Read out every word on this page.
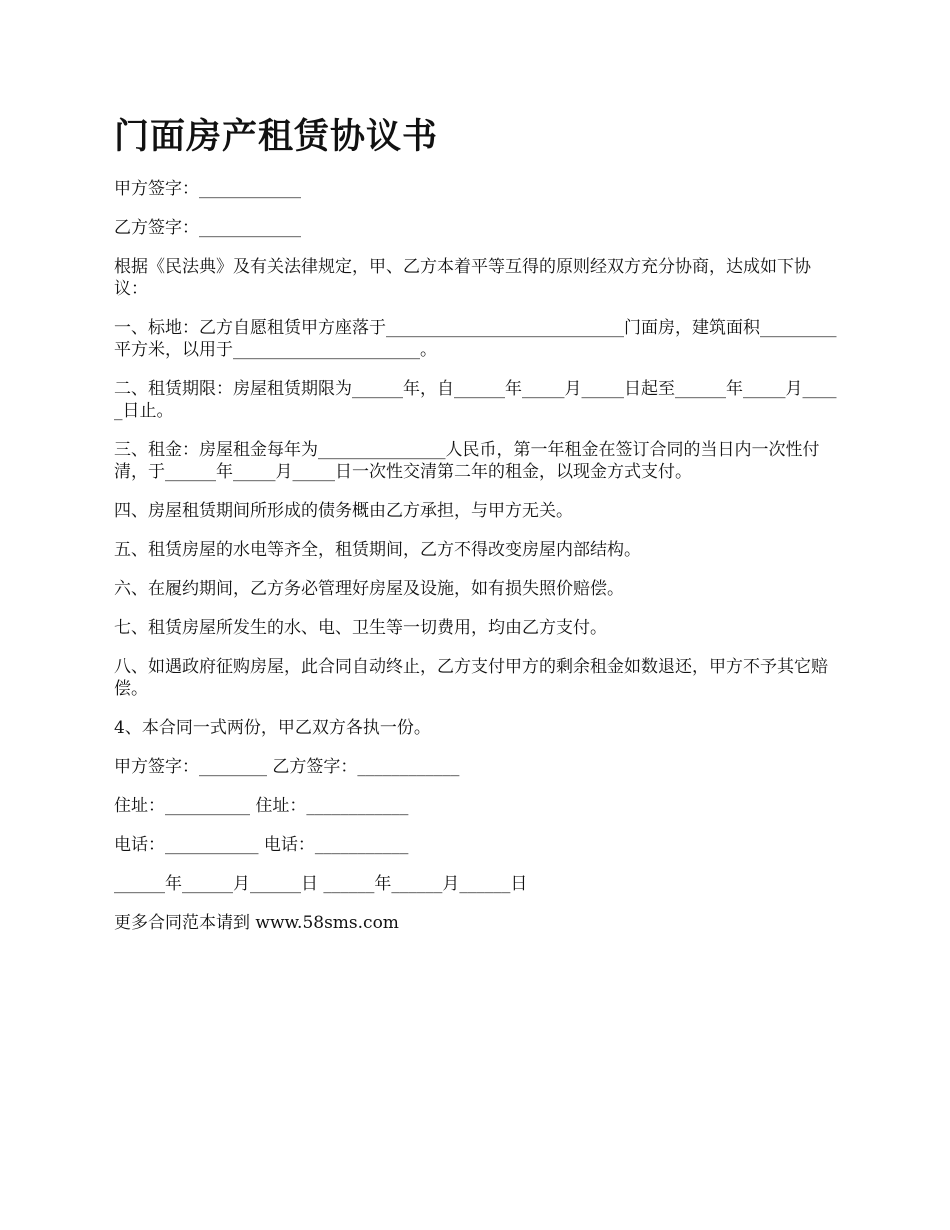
门面房产租赁协议书

甲方签字：____________

乙方签字：____________

根据《民法典》及有关法律规定，甲、乙方本着平等互得的原则经双方充分协商，达成如下协议：

一、标地：乙方自愿租赁甲方座落于____________________________门面房，建筑面积_________平方米，以用于______________________。

二、租赁期限：房屋租赁期限为______年，自______年_____月_____日起至______年_____月_____日止。

三、租金：房屋租金每年为_______________人民币，第一年租金在签订合同的当日内一次性付清，于______年_____月_____日一次性交清第二年的租金，以现金方式支付。

四、房屋租赁期间所形成的债务概由乙方承担，与甲方无关。

五、租赁房屋的水电等齐全，租赁期间，乙方不得改变房屋内部结构。

六、在履约期间，乙方务必管理好房屋及设施，如有损失照价赔偿。

七、租赁房屋所发生的水、电、卫生等一切费用，均由乙方支付。

八、如遇政府征购房屋，此合同自动终止，乙方支付甲方的剩余租金如数退还，甲方不予其它赔偿。

4、本合同一式两份，甲乙双方各执一份。

甲方签字：________ 乙方签字：____________

住址：__________ 住址：____________

电话：___________ 电话：___________

______年______月______日 ______年______月______日

更多合同范本请到 www.58sms.com
